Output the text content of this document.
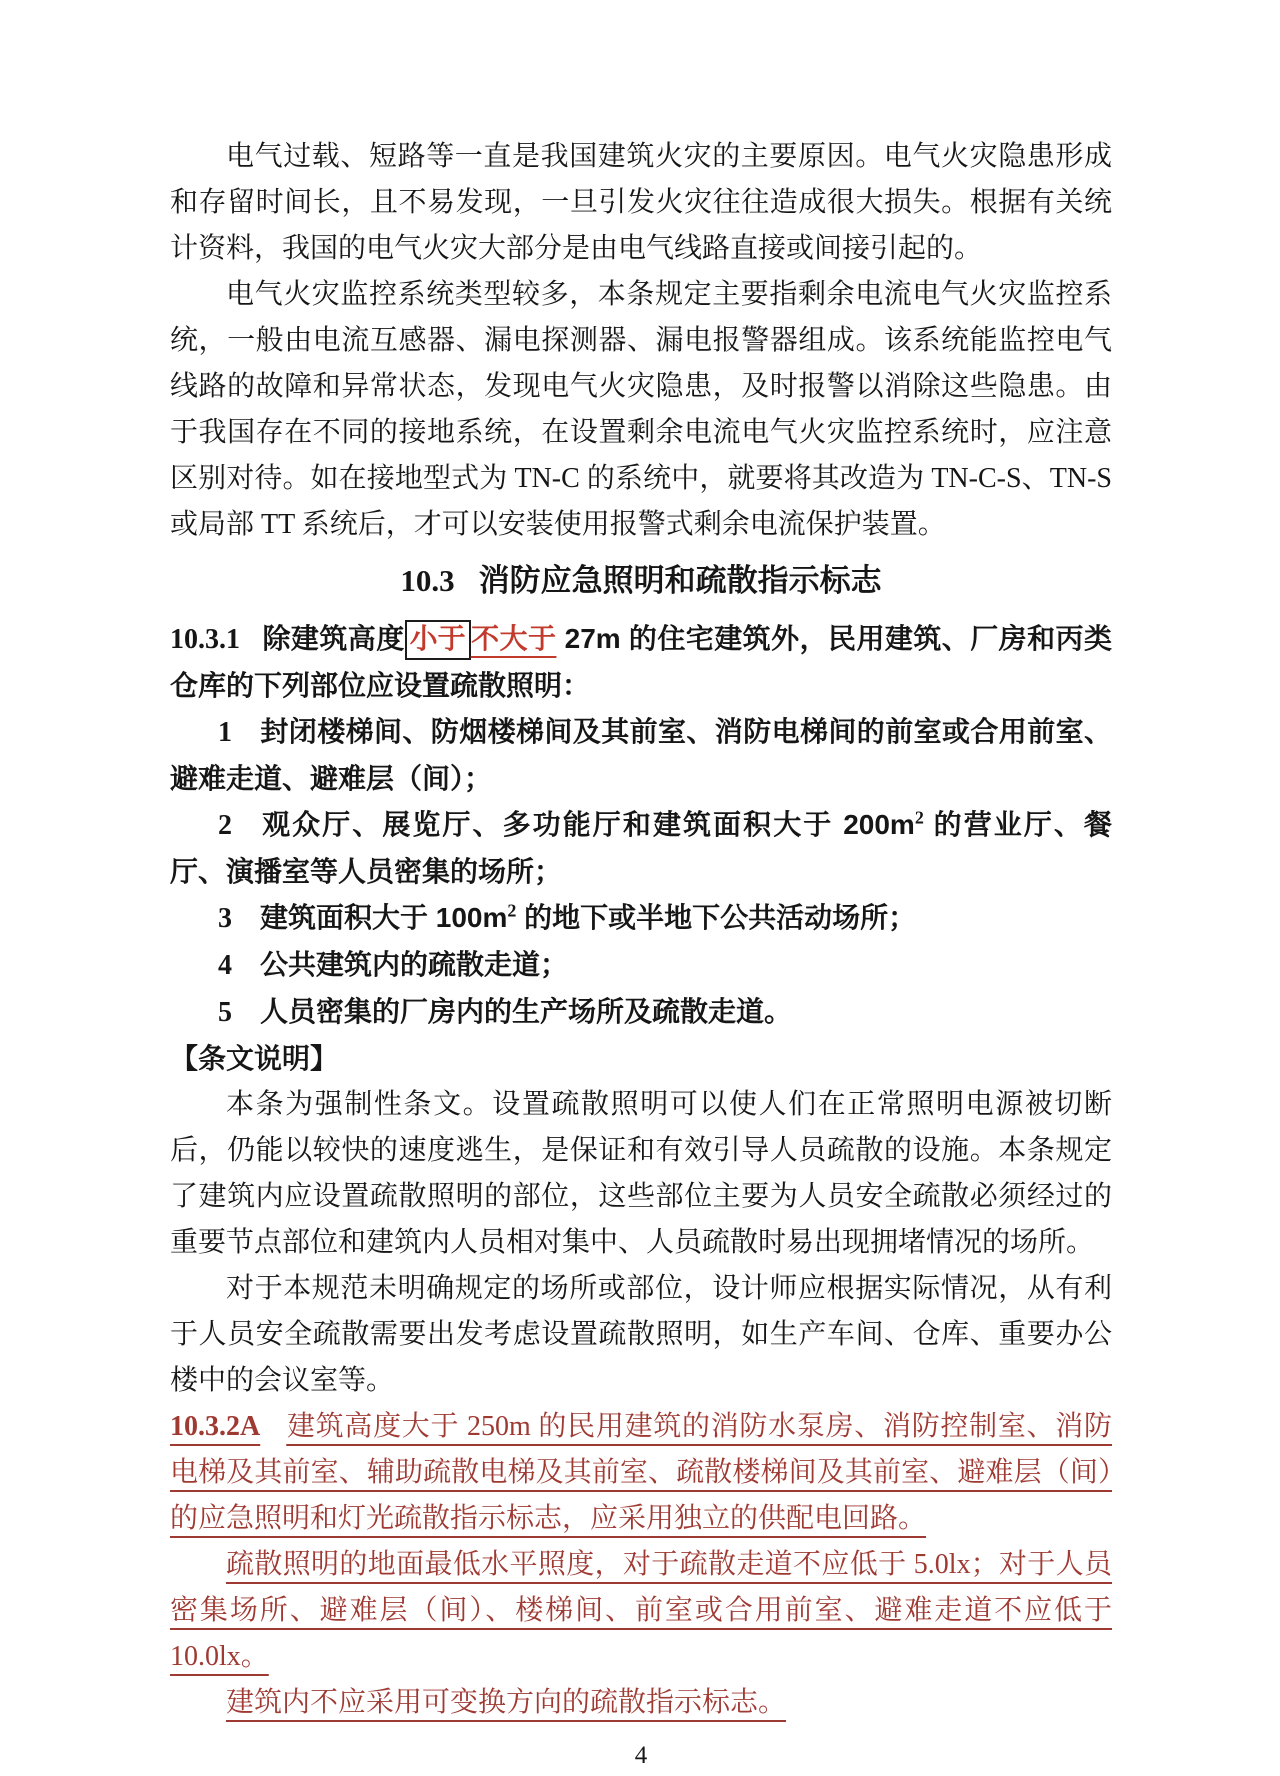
电气过载、短路等一直是我国建筑火灾的主要原因。电气火灾隐患形成和存留时间长，且不易发现，一旦引发火灾往往造成很大损失。根据有关统计资料，我国的电气火灾大部分是由电气线路直接或间接引起的。

电气火灾监控系统类型较多，本条规定主要指剩余电流电气火灾监控系统，一般由电流互感器、漏电探测器、漏电报警器组成。该系统能监控电气线路的故障和异常状态，发现电气火灾隐患，及时报警以消除这些隐患。由于我国存在不同的接地系统，在设置剩余电流电气火灾监控系统时，应注意区别对待。如在接地型式为 TN-C 的系统中，就要将其改造为 TN-C-S、TN-S 或局部 TT 系统后，才可以安装使用报警式剩余电流保护装置。

10.3 消防应急照明和疏散指示标志

10.3.1 除建筑高度 小于 不大于 27m 的住宅建筑外，民用建筑、厂房和丙类仓库的下列部位应设置疏散照明：

1 封闭楼梯间、防烟楼梯间及其前室、消防电梯间的前室或合用前室、避难走道、避难层（间）；

2 观众厅、展览厅、多功能厅和建筑面积大于 $200m^2$ 的营业厅、餐厅、演播室等人员密集的场所；

3 建筑面积大于 $100m^2$ 的地下或半地下公共活动场所；

4 公共建筑内的疏散走道；

5 人员密集的厂房内的生产场所及疏散走道。

【条文说明】

本条为强制性条文。设置疏散照明可以使人们在正常照明电源被切断后，仍能以较快的速度逃生，是保证和有效引导人员疏散的设施。本条规定了建筑内应设置疏散照明的部位，这些部位主要为人员安全疏散必须经过的重要节点部位和建筑内人员相对集中、人员疏散时易出现拥堵情况的场所。

对于本规范未明确规定的场所或部位，设计师应根据实际情况，从有利于人员安全疏散需要出发考虑设置疏散照明，如生产车间、仓库、重要办公楼中的会议室等。

10.3.2A 建筑高度大于 250m 的民用建筑的消防水泵房、消防控制室、消防电梯及其前室、辅助疏散电梯及其前室、疏散楼梯间及其前室、避难层（间）的应急照明和灯光疏散指示标志，应采用独立的供配电回路。

疏散照明的地面最低水平照度，对于疏散走道不应低于 5.0lx；对于人员密集场所、避难层（间）、楼梯间、前室或合用前室、避难走道不应低于 10.0lx。

建筑内不应采用可变换方向的疏散指示标志。

4
